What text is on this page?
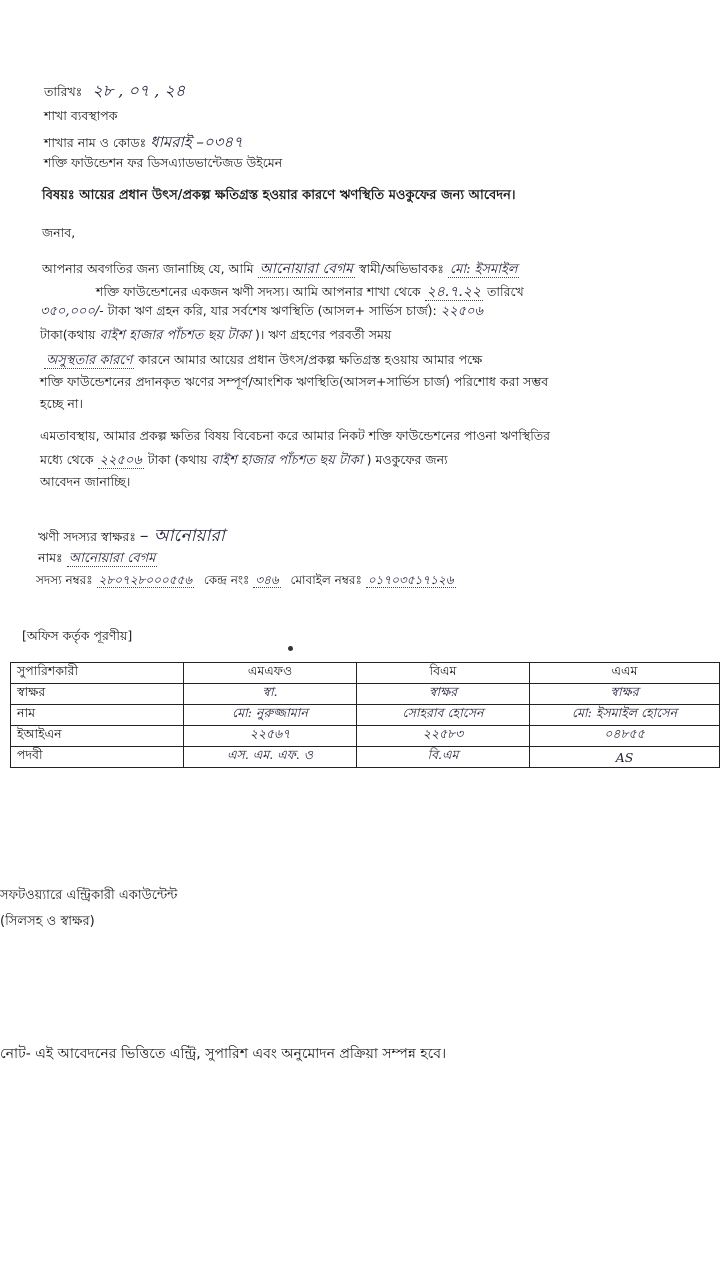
তারিখঃ ২৮ , ০৭ , ২৪
শাখা ব্যবস্থাপক
শাখার নাম ও কোডঃ ধামরাই –০৩৪৭
শক্তি ফাউন্ডেশন ফর ডিসএ্যাডভান্টেজড উইমেন
বিষয়ঃ আয়ের প্রধান উৎস/প্রকল্প ক্ষতিগ্রস্ত হওয়ার কারণে ঋণস্থিতি মওকুফের জন্য আবেদন।
জনাব,
আপনার অবগতির জন্য জানাচ্ছি যে, আমি আনোয়ারা বেগম স্বামী/অভিভাবকঃ মো: ইসমাইল
শক্তি ফাউন্ডেশনের একজন ঋণী সদস্য। আমি আপনার শাখা থেকে ২৪.৭.২২ তারিখে
৩৫০,০০০/- টাকা ঋণ গ্রহন করি, যার সর্বশেষ ঋণস্থিতি (আসল+ সার্ভিস চার্জ): ২২৫০৬
টাকা(কথায় বাইশ হাজার পাঁচশত ছয় টাকা )। ঋণ গ্রহণের পরবর্তী সময়
অসুস্থতার কারণে কারনে আমার আয়ের প্রধান উৎস/প্রকল্প ক্ষতিগ্রস্ত হওয়ায় আমার পক্ষে
শক্তি ফাউন্ডেশনের প্রদানকৃত ঋণের সম্পূর্ণ/আংশিক ঋণস্থিতি(আসল+সার্ভিস চার্জ) পরিশোধ করা সম্ভব
হচ্ছে না।
এমতাবস্থায়, আমার প্রকল্প ক্ষতির বিষয় বিবেচনা করে আমার নিকট শক্তি ফাউন্ডেশনের পাওনা ঋণস্থিতির
মধ্যে থেকে ২২৫০৬ টাকা (কথায় বাইশ হাজার পাঁচশত ছয় টাকা ) মওকুফের জন্য
আবেদন জানাচ্ছি।
ঋণী সদস্যর স্বাক্ষরঃ – আনোয়ারা
নামঃ আনোয়ারা বেগম
সদস্য নম্বরঃ ২৮০৭২৮০০০৫৫৬ কেন্দ্র নংঃ ৩৪৬ মোবাইল নম্বরঃ ০১৭০৩৫১৭১২৬
[অফিস কর্তৃক পূরণীয়]
সুপারিশকারী	এমএফও	বিএম	এএম
স্বাক্ষর	স্বা.	স্বাক্ষর	স্বাক্ষর
নাম	মো: নুরুজ্জামান	সোহরাব হোসেন	মো: ইসমাইল হোসেন
ইআইএন	২২৫৬৭	২২৫৮৩	০৪৮৫৫
পদবী	এস. এম. এফ. ও	বি.এম	AS
সফটওয়্যারে এন্ট্রিকারী একাউন্টেন্ট
(সিলসহ ও স্বাক্ষর)
নোট- এই আবেদনের ভিত্তিতে এন্ট্রি, সুপারিশ এবং অনুমোদন প্রক্রিয়া সম্পন্ন হবে।
